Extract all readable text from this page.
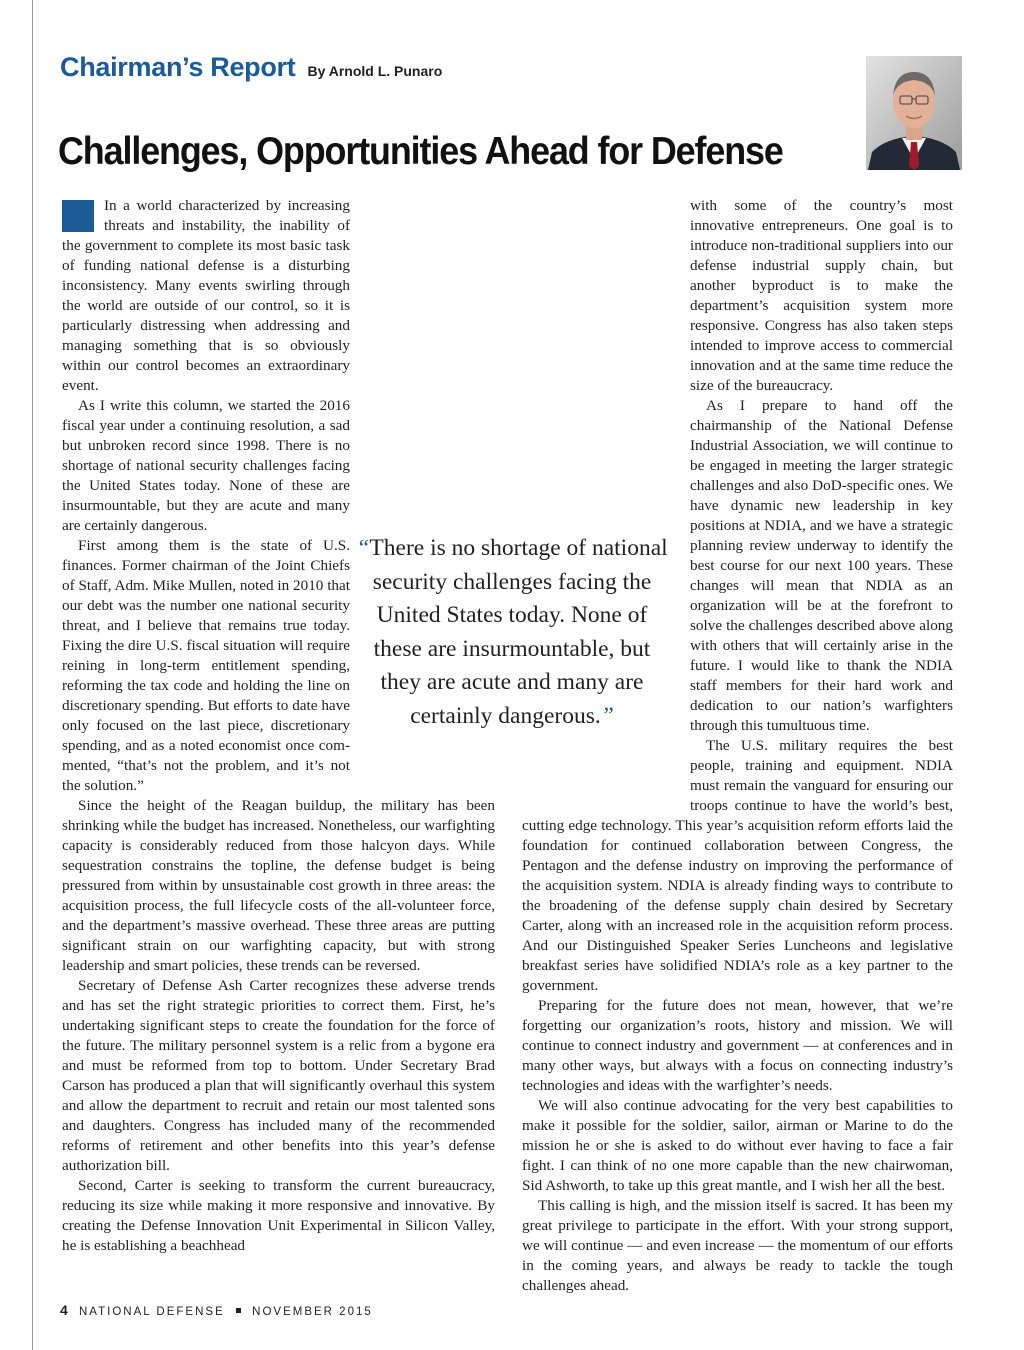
Chairman’s Report By Arnold L. Punaro
Challenges, Opportunities Ahead for Defense

In a world characterized by increasing threats and instability, the inability of the government to complete its most basic task of funding national defense is a disturbing inconsistency. Many events swirling through the world are outside of our control, so it is particularly distressing when addressing and managing something that is so obviously within our control becomes an extraordinary event.

As I write this column, we started the 2016 fiscal year under a continuing resolution, a sad but unbroken record since 1998. There is no shortage of national security challenges facing the United States today. None of these are insurmountable, but they are acute and many are certainly dangerous.

First among them is the state of U.S. finances. Former chairman of the Joint Chiefs of Staff, Adm. Mike Mullen, noted in 2010 that our debt was the number one national security threat, and I believe that remains true today. Fixing the dire U.S. fiscal situation will require reining in long-term entitlement spending, reforming the tax code and holding the line on discretionary spending. But efforts to date have only focused on the last piece, discretionary spending, and as a noted economist once commented, “that’s not the problem, and it’s not the solution.”

Since the height of the Reagan buildup, the military has been shrinking while the budget has increased. Nonetheless, our warfighting capacity is considerably reduced from those halcyon days. While sequestration constrains the topline, the defense budget is being pressured from within by unsustainable cost growth in three areas: the acquisition process, the full lifecycle costs of the all-volunteer force, and the department’s massive overhead. These three areas are putting significant strain on our warfighting capacity, but with strong leadership and smart policies, these trends can be reversed.

Secretary of Defense Ash Carter recognizes these adverse trends and has set the right strategic priorities to correct them. First, he’s undertaking significant steps to create the foundation for the force of the future. The military personnel system is a relic from a bygone era and must be reformed from top to bottom. Under Secretary Brad Carson has produced a plan that will significantly overhaul this system and allow the department to recruit and retain our most talented sons and daughters. Congress has included many of the recommended reforms of retirement and other benefits into this year’s defense authorization bill.

Second, Carter is seeking to transform the current bureaucracy, reducing its size while making it more responsive and innovative. By creating the Defense Innovation Unit Experimental in Silicon Valley, he is establishing a beachhead

with some of the country’s most innovative entrepreneurs. One goal is to introduce non-traditional suppliers into our defense industrial supply chain, but another byproduct is to make the department’s acquisition system more responsive. Congress has also taken steps intended to improve access to commercial innovation and at the same time reduce the size of the bureaucracy.

As I prepare to hand off the chairmanship of the National Defense Industrial Association, we will continue to be engaged in meeting the larger strategic challenges and also DoD-specific ones. We have dynamic new leadership in key positions at NDIA, and we have a strategic planning review underway to identify the best course for our next 100 years. These changes will mean that NDIA as an organization will be at the forefront to solve the challenges described above along with others that will certainly arise in the future. I would like to thank the NDIA staff members for their hard work and dedication to our nation’s warfighters through this tumultuous time.

The U.S. military requires the best people, training and equipment. NDIA must remain the vanguard for ensuring our troops continue to have the world’s best, cutting edge technology. This year’s acquisition reform efforts laid the foundation for continued collaboration between Congress, the Pentagon and the defense industry on improving the performance of the acquisition system. NDIA is already finding ways to contribute to the broadening of the defense supply chain desired by Secretary Carter, along with an increased role in the acquisition reform process. And our Distinguished Speaker Series Luncheons and legislative breakfast series have solidified NDIA’s role as a key partner to the government.

Preparing for the future does not mean, however, that we’re forgetting our organization’s roots, history and mission. We will continue to connect industry and government — at conferences and in many other ways, but always with a focus on connecting industry’s technologies and ideas with the warfighter’s needs.

We will also continue advocating for the very best capabilities to make it possible for the soldier, sailor, airman or Marine to do the mission he or she is asked to do without ever having to face a fair fight. I can think of no one more capable than the new chairwoman, Sid Ashworth, to take up this great mantle, and I wish her all the best.

This calling is high, and the mission itself is sacred. It has been my great privilege to participate in the effort. With your strong support, we will continue — and even increase — the momentum of our efforts in the coming years, and always be ready to tackle the tough challenges ahead.

“There is no shortage of national security challenges facing the United States today. None of these are insurmountable, but they are acute and many are certainly dangerous.”
4 NATIONAL DEFENSE NOVEMBER 2015
